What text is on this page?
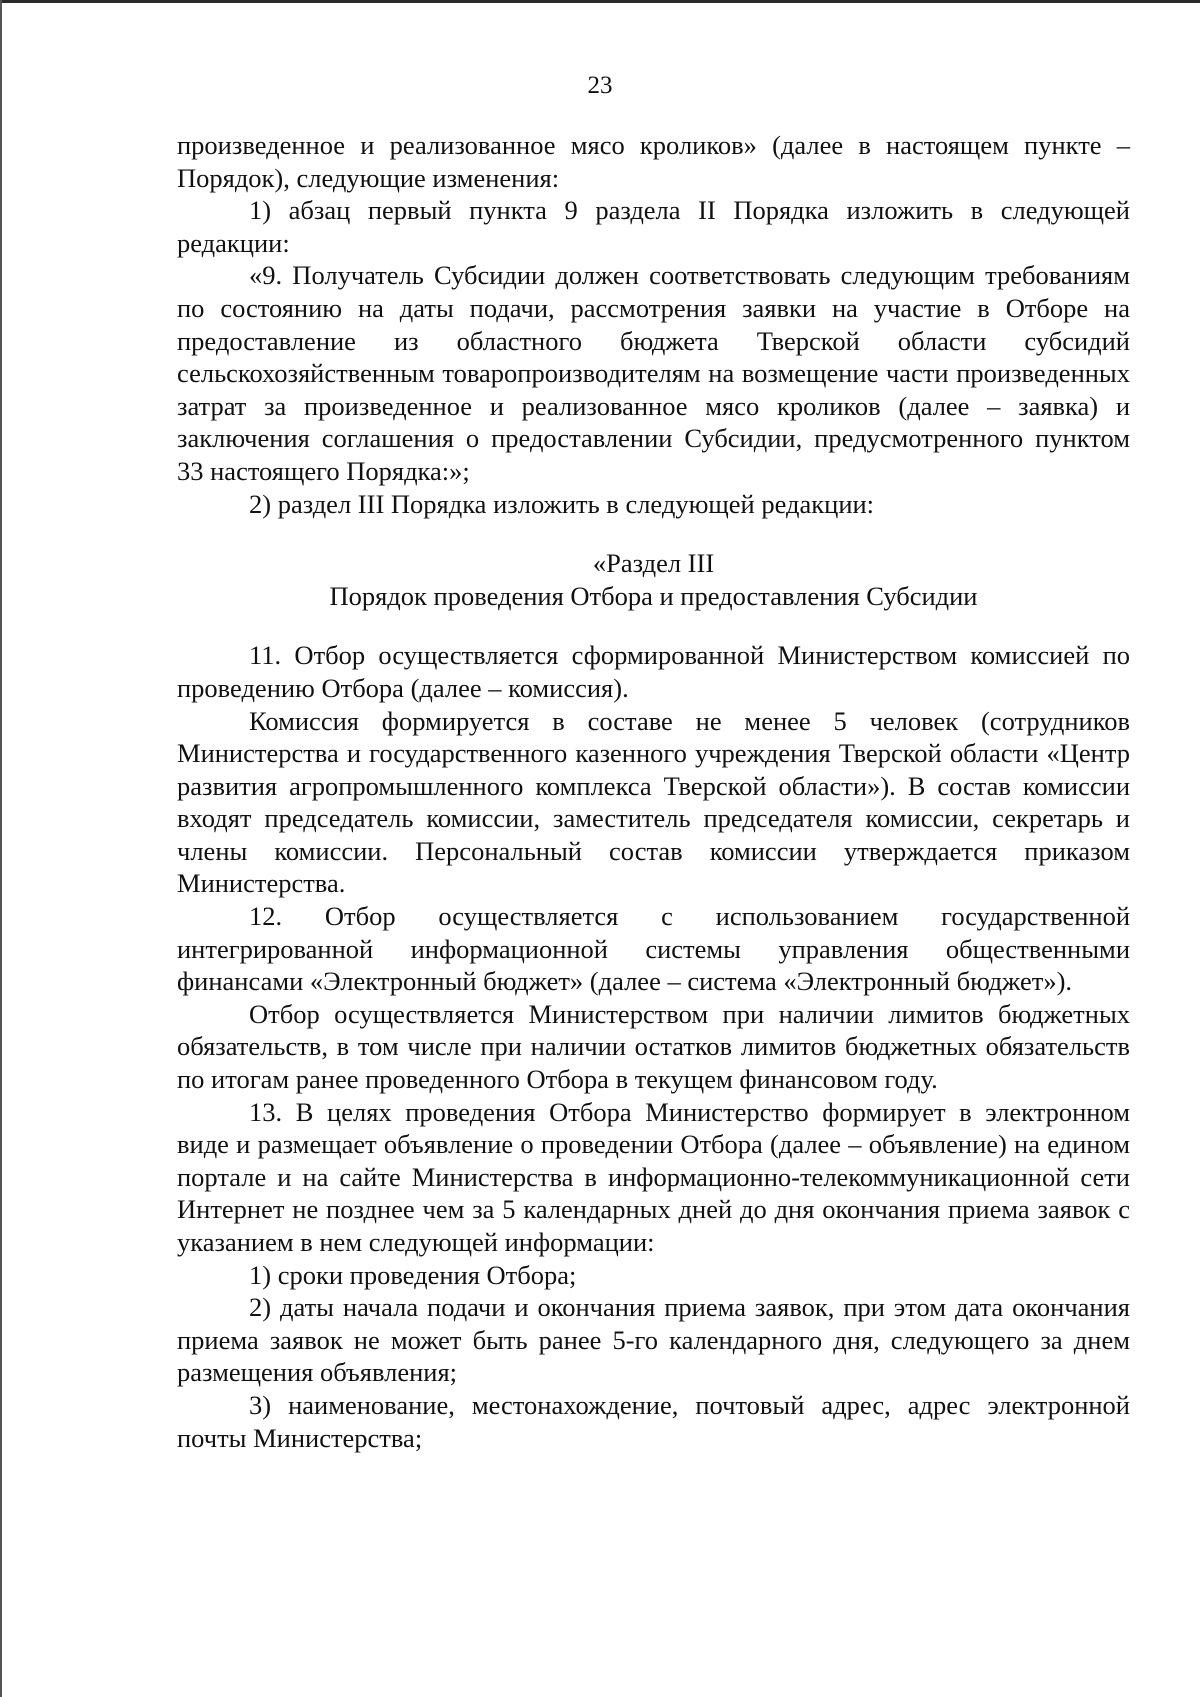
23

произведенное и реализованное мясо кроликов» (далее в настоящем пункте – Порядок), следующие изменения:

1) абзац первый пункта 9 раздела II Порядка изложить в следующей редакции:

«9. Получатель Субсидии должен соответствовать следующим требованиям по состоянию на даты подачи, рассмотрения заявки на участие в Отборе на предоставление из областного бюджета Тверской области субсидий сельскохозяйственным товаропроизводителям на возмещение части произведенных затрат за произведенное и реализованное мясо кроликов (далее – заявка) и заключения соглашения о предоставлении Субсидии, предусмотренного пунктом 33 настоящего Порядка:»;

2) раздел III Порядка изложить в следующей редакции:

«Раздел III

Порядок проведения Отбора и предоставления Субсидии

11. Отбор осуществляется сформированной Министерством комиссией по проведению Отбора (далее – комиссия).

Комиссия формируется в составе не менее 5 человек (сотрудников Министерства и государственного казенного учреждения Тверской области «Центр развития агропромышленного комплекса Тверской области»). В состав комиссии входят председатель комиссии, заместитель председателя комиссии, секретарь и члены комиссии. Персональный состав комиссии утверждается приказом Министерства.

12. Отбор осуществляется с использованием государственной интегрированной информационной системы управления общественными финансами «Электронный бюджет» (далее – система «Электронный бюджет»).

Отбор осуществляется Министерством при наличии лимитов бюджетных обязательств, в том числе при наличии остатков лимитов бюджетных обязательств по итогам ранее проведенного Отбора в текущем финансовом году.

13. В целях проведения Отбора Министерство формирует в электронном виде и размещает объявление о проведении Отбора (далее – объявление) на едином портале и на сайте Министерства в информационно-телекоммуникационной сети Интернет не позднее чем за 5 календарных дней до дня окончания приема заявок с указанием в нем следующей информации:

1) сроки проведения Отбора;

2) даты начала подачи и окончания приема заявок, при этом дата окончания приема заявок не может быть ранее 5-го календарного дня, следующего за днем размещения объявления;

3) наименование, местонахождение, почтовый адрес, адрес электронной почты Министерства;
